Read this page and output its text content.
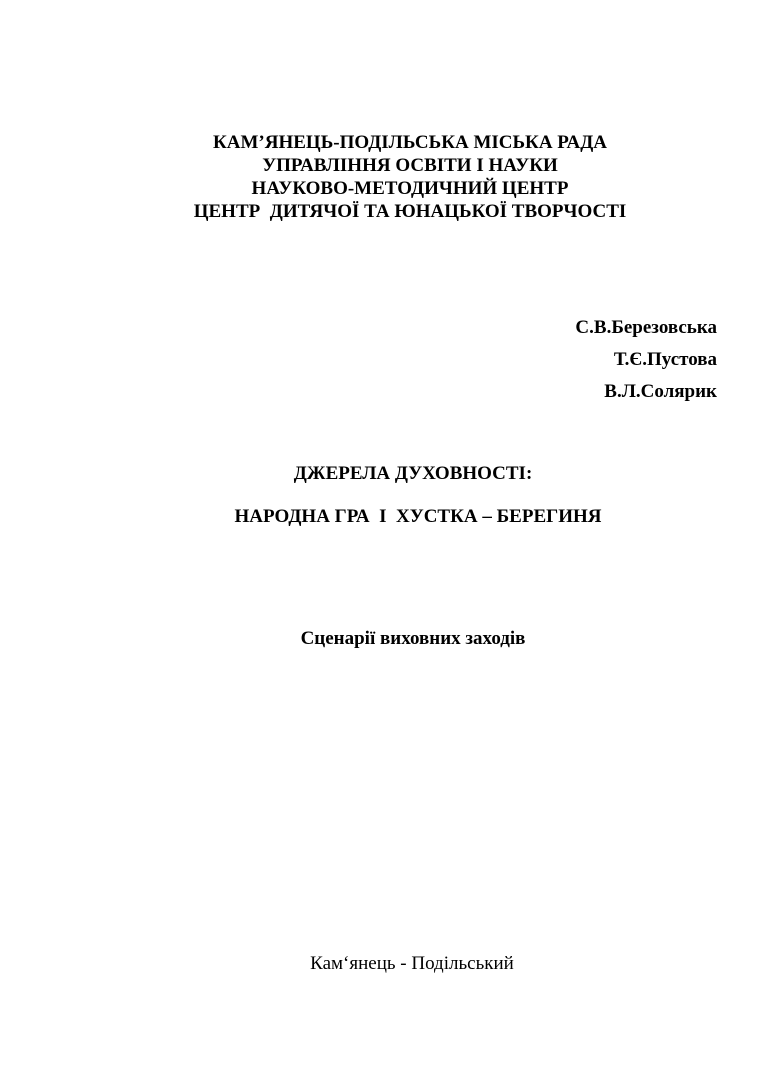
КАМ’ЯНЕЦЬ-ПОДІЛЬСЬКА МІСЬКА РАДА
УПРАВЛІННЯ ОСВІТИ І НАУКИ
НАУКОВО-МЕТОДИЧНИЙ ЦЕНТР
ЦЕНТР  ДИТЯЧОЇ ТА ЮНАЦЬКОЇ ТВОРЧОСТІ
С.В.Березовська
Т.Є.Пустова
В.Л.Солярик
ДЖЕРЕЛА ДУХОВНОСТІ:
НАРОДНА ГРА  І  ХУСТКА – БЕРЕГИНЯ
Сценарії виховних заходів
Кам‘янець - Подільський
